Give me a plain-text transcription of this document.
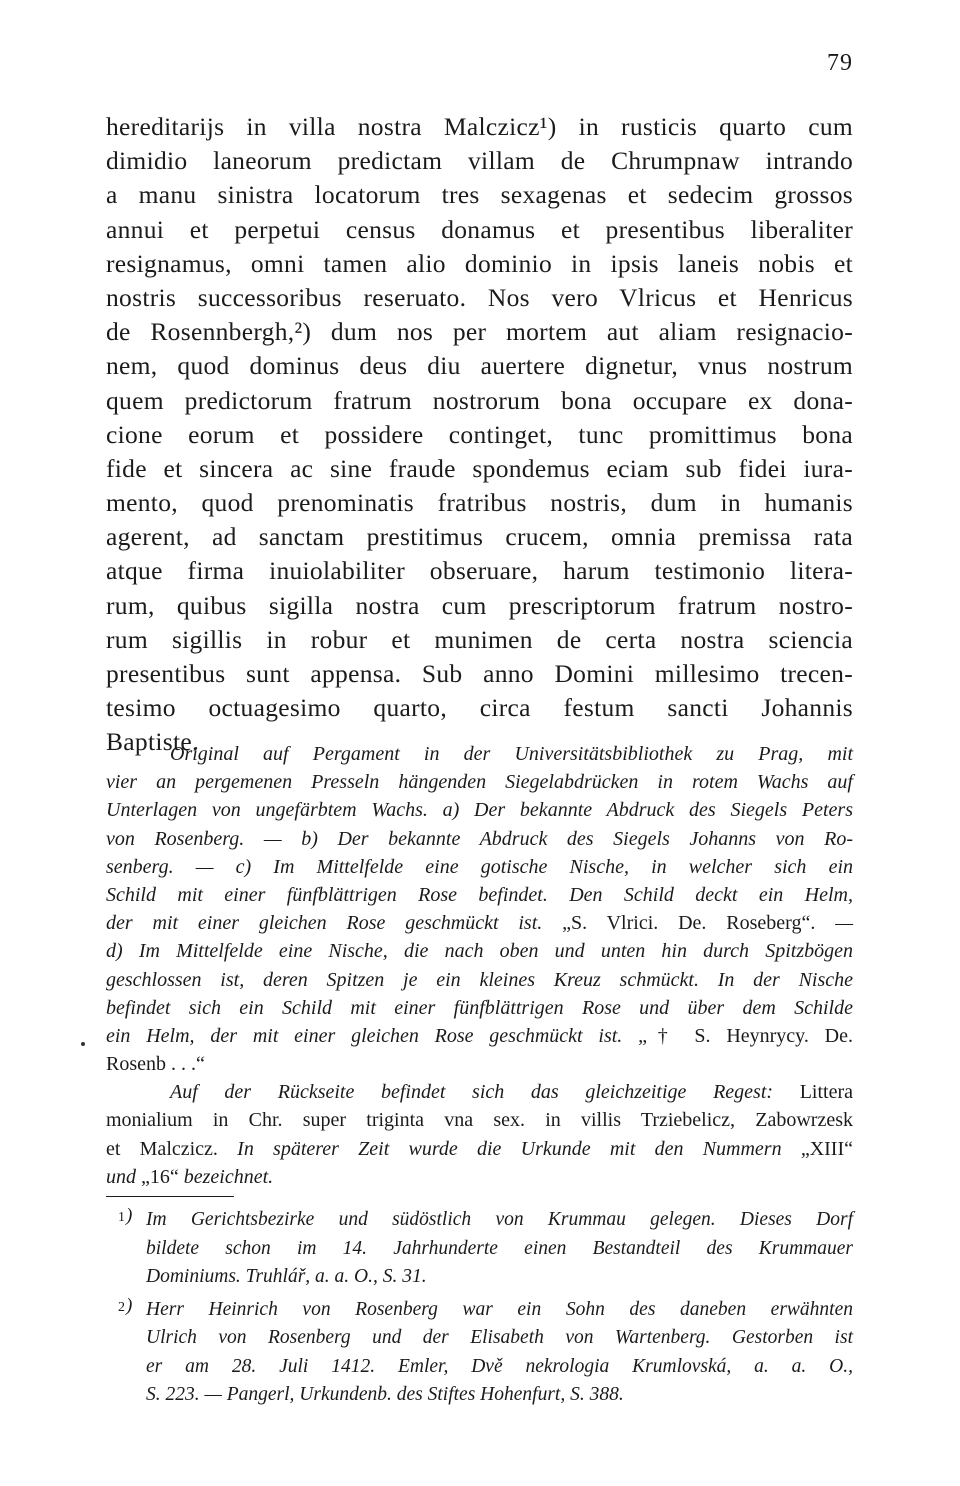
79
hereditarijs in villa nostra Malczicz¹) in rusticis quarto cum
dimidio laneorum predictam villam de Chrumpnaw intrando
a manu sinistra locatorum tres sexagenas et sedecim grossos
annui et perpetui census donamus et presentibus liberaliter
resignamus, omni tamen alio dominio in ipsis laneis nobis et
nostris successoribus reseruato. Nos vero Vlricus et Henricus
de Rosennbergh,²) dum nos per mortem aut aliam resignacio-
nem, quod dominus deus diu auertere dignetur, vnus nostrum
quem predictorum fratrum nostrorum bona occupare ex dona-
cione eorum et possidere continget, tunc promittimus bona
fide et sincera ac sine fraude spondemus eciam sub fidei iura-
mento, quod prenominatis fratribus nostris, dum in humanis
agerent, ad sanctam prestitimus crucem, omnia premissa rata
atque firma inuiolabiliter obseruare, harum testimonio litera-
rum, quibus sigilla nostra cum prescriptorum fratrum nostro-
rum sigillis in robur et munimen de certa nostra sciencia
presentibus sunt appensa. Sub anno Domini millesimo trecen-
tesimo octuagesimo quarto, circa festum sancti Johannis
Baptiste.
Original auf Pergament in der Universitätsbibliothek zu Prag, mit
vier an pergemenen Presseln hängenden Siegelabdrücken in rotem Wachs auf
Unterlagen von ungefärbtem Wachs. a) Der bekannte Abdruck des Siegels Peters
von Rosenberg. — b) Der bekannte Abdruck des Siegels Johanns von Ro-
senberg. — c) Im Mittelfelde eine gotische Nische, in welcher sich ein
Schild mit einer fünfblättrigen Rose befindet. Den Schild deckt ein Helm,
der mit einer gleichen Rose geschmückt ist. „S. Vlrici. De. Roseberg“. —
d) Im Mittelfelde eine Nische, die nach oben und unten hin durch Spitzbögen
geschlossen ist, deren Spitzen je ein kleines Kreuz schmückt. In der Nische
befindet sich ein Schild mit einer fünfblättrigen Rose und über dem Schilde
ein Helm, der mit einer gleichen Rose geschmückt ist. „† S. Heynrycy. De.
Rosenb . . .“
Auf der Rückseite befindet sich das gleichzeitige Regest: Littera
monialium in Chr. super triginta vna sex. in villis Trziebelicz, Zabowrzesk
et Malczicz. In späterer Zeit wurde die Urkunde mit den Nummern „XIII“
und „16“ bezeichnet.
1 )	Im Gerichtsbezirke und südöstlich von Krummau gelegen. Dieses Dorf
bildete schon im 14. Jahrhunderte einen Bestandteil des Krummauer
Dominiums. Truhlář, a. a. O., S. 31.
2 )	Herr Heinrich von Rosenberg war ein Sohn des daneben erwähnten
Ulrich von Rosenberg und der Elisabeth von Wartenberg. Gestorben ist
er am 28. Juli 1412. Emler, Dvě nekrologia Krumlovská, a. a. O.,
S. 223. — Pangerl, Urkundenb. des Stiftes Hohenfurt, S. 388.
